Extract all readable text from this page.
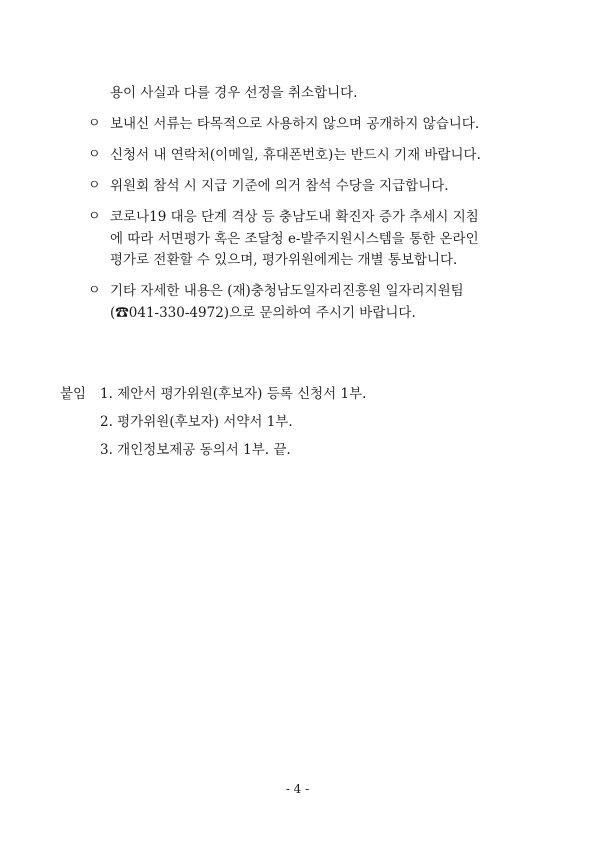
용이 사실과 다를 경우 선정을 취소합니다.
ㅇ 보내신 서류는 타목적으로 사용하지 않으며 공개하지 않습니다.
ㅇ 신청서 내 연락처(이메일, 휴대폰번호)는 반드시 기재 바랍니다.
ㅇ 위원회 참석 시 지급 기준에 의거 참석 수당을 지급합니다.
ㅇ 코로나19 대응 단계 격상 등 충남도내 확진자 증가 추세시 지침
에 따라 서면평가 혹은 조달청 e-발주지원시스템을 통한 온라인
평가로 전환할 수 있으며, 평가위원에게는 개별 통보합니다.
ㅇ 기타 자세한 내용은 (재)충청남도일자리진흥원 일자리지원팀
(☎041-330-4972)으로 문의하여 주시기 바랍니다.
붙임 1. 제안서 평가위원(후보자) 등록 신청서 1부.
2. 평가위원(후보자) 서약서 1부.
3. 개인정보제공 동의서 1부. 끝.
- 4 -
